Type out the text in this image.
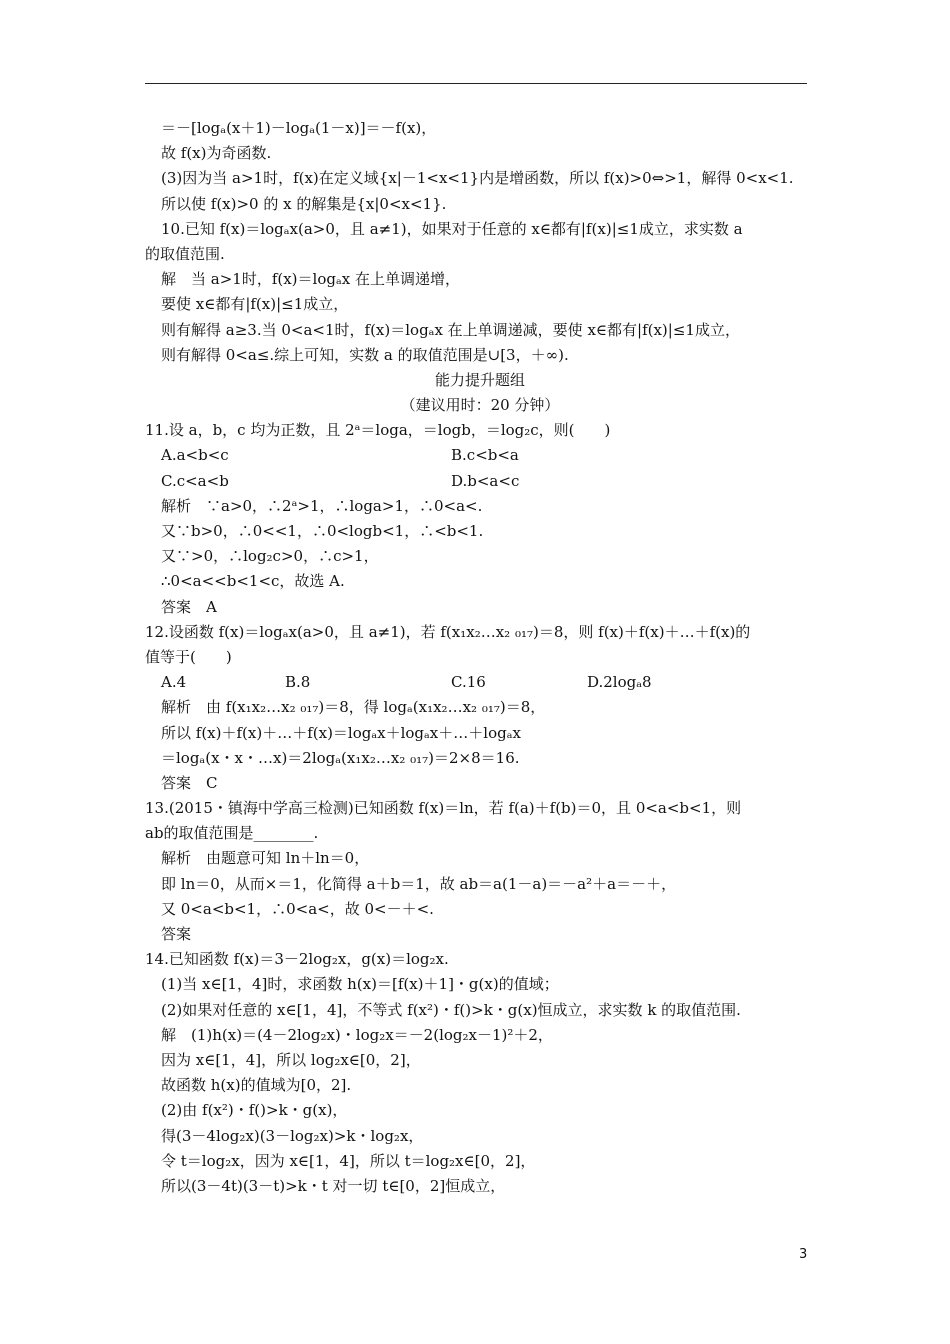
＝－[logₐ(x＋1)－logₐ(1－x)]＝－f(x)，
故 f(x)为奇函数.
(3)因为当 a>1时，f(x)在定义域{x|－1<x<1}内是增函数，所以 f(x)>0⇔>1，解得 0<x<1.
所以使 f(x)>0 的 x 的解集是{x|0<x<1}.
10.已知 f(x)＝logₐx(a>0，且 a≠1)，如果对于任意的 x∈都有|f(x)|≤1成立，求实数 a
的取值范围.
解　当 a>1时，f(x)＝logₐx 在上单调递增，
要使 x∈都有|f(x)|≤1成立，
则有解得 a≥3.当 0<a<1时，f(x)＝logₐx 在上单调递减，要使 x∈都有|f(x)|≤1成立，
则有解得 0<a≤.综上可知，实数 a 的取值范围是∪[3，＋∞).
能力提升题组
（建议用时：20 分钟）
11.设 a，b，c 均为正数，且 2ᵃ＝loga，＝logb，＝log₂c，则(　　)
A.a<b<c	B.c<b<a
C.c<a<b	D.b<a<c
解析　∵a>0，∴2ᵃ>1，∴loga>1，∴0<a<.
又∵b>0，∴0<<1，∴0<logb<1，∴<b<1.
又∵>0，∴log₂c>0，∴c>1，
∴0<a<<b<1<c，故选 A.
答案　A
12.设函数 f(x)＝logₐx(a>0，且 a≠1)，若 f(x₁x₂…x₂ ₀₁₇)＝8，则 f(x)＋f(x)＋…＋f(x)的
值等于(　　)
A.4	B.8	C.16	D.2logₐ8
解析　由 f(x₁x₂…x₂ ₀₁₇)＝8，得 logₐ(x₁x₂…x₂ ₀₁₇)＝8，
所以 f(x)＋f(x)＋…＋f(x)＝logₐx＋logₐx＋…＋logₐx
＝logₐ(x・x・…x)＝2logₐ(x₁x₂…x₂ ₀₁₇)＝2×8＝16.
答案　C
13.(2015・镇海中学高三检测)已知函数 f(x)＝ln，若 f(a)＋f(b)＝0，且 0<a<b<1，则
ab的取值范围是________.
解析　由题意可知 ln＋ln＝0，
即 ln＝0，从而×＝1，化简得 a＋b＝1，故 ab＝a(1－a)＝－a²＋a＝－＋，
又 0<a<b<1，∴0<a<，故 0<－＋<.
答案
14.已知函数 f(x)＝3－2log₂x，g(x)＝log₂x.
(1)当 x∈[1，4]时，求函数 h(x)＝[f(x)＋1]・g(x)的值域；
(2)如果对任意的 x∈[1，4]，不等式 f(x²)・f()>k・g(x)恒成立，求实数 k 的取值范围.
解　(1)h(x)＝(4－2log₂x)・log₂x＝－2(log₂x－1)²＋2，
因为 x∈[1，4]，所以 log₂x∈[0，2]，
故函数 h(x)的值域为[0，2].
(2)由 f(x²)・f()>k・g(x)，
得(3－4log₂x)(3－log₂x)>k・log₂x，
令 t＝log₂x，因为 x∈[1，4]，所以 t＝log₂x∈[0，2]，
所以(3－4t)(3－t)>k・t 对一切 t∈[0，2]恒成立，
3
